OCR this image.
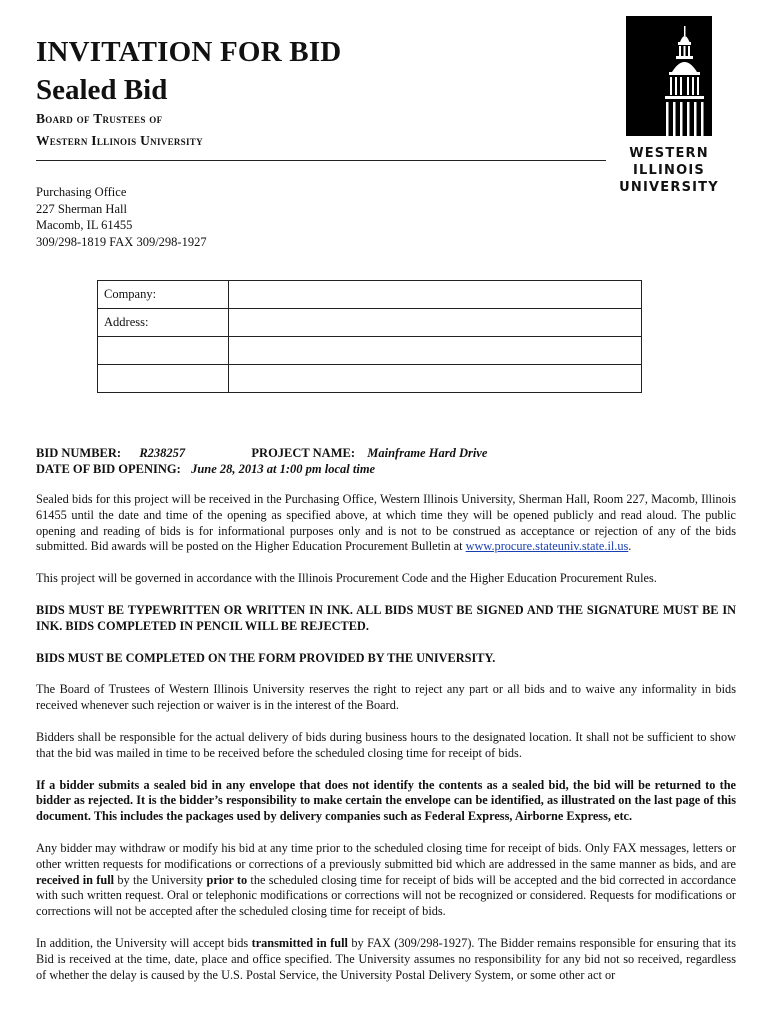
INVITATION FOR BID
Sealed Bid
Board of Trustees of
Western Illinois University
Purchasing Office
227 Sherman Hall
Macomb, IL 61455
309/298-1819 FAX 309/298-1927
WESTERN
ILLINOIS
UNIVERSITY
Company:	
Address:	

BID NUMBER: R238257	PROJECT NAME: Mainframe Hard Drive
DATE OF BID OPENING: June 28, 2013 at 1:00 pm local time

Sealed bids for this project will be received in the Purchasing Office, Western Illinois University, Sherman Hall, Room 227, Macomb, Illinois 61455 until the date and time of the opening as specified above, at which time they will be opened publicly and read aloud. The public opening and reading of bids is for informational purposes only and is not to be construed as acceptance or rejection of any of the bids submitted. Bid awards will be posted on the Higher Education Procurement Bulletin at www.procure.stateuniv.state.il.us.

This project will be governed in accordance with the Illinois Procurement Code and the Higher Education Procurement Rules.

BIDS MUST BE TYPEWRITTEN OR WRITTEN IN INK. ALL BIDS MUST BE SIGNED AND THE SIGNATURE MUST BE IN INK. BIDS COMPLETED IN PENCIL WILL BE REJECTED.

BIDS MUST BE COMPLETED ON THE FORM PROVIDED BY THE UNIVERSITY.

The Board of Trustees of Western Illinois University reserves the right to reject any part or all bids and to waive any informality in bids received whenever such rejection or waiver is in the interest of the Board.

Bidders shall be responsible for the actual delivery of bids during business hours to the designated location. It shall not be sufficient to show that the bid was mailed in time to be received before the scheduled closing time for receipt of bids.

If a bidder submits a sealed bid in any envelope that does not identify the contents as a sealed bid, the bid will be returned to the bidder as rejected. It is the bidder’s responsibility to make certain the envelope can be identified, as illustrated on the last page of this document. This includes the packages used by delivery companies such as Federal Express, Airborne Express, etc.

Any bidder may withdraw or modify his bid at any time prior to the scheduled closing time for receipt of bids. Only FAX messages, letters or other written requests for modifications or corrections of a previously submitted bid which are addressed in the same manner as bids, and are received in full by the University prior to the scheduled closing time for receipt of bids will be accepted and the bid corrected in accordance with such written request. Oral or telephonic modifications or corrections will not be recognized or considered. Requests for modifications or corrections will not be accepted after the scheduled closing time for receipt of bids.

In addition, the University will accept bids transmitted in full by FAX (309/298-1927). The Bidder remains responsible for ensuring that its Bid is received at the time, date, place and office specified. The University assumes no responsibility for any bid not so received, regardless of whether the delay is caused by the U.S. Postal Service, the University Postal Delivery System, or some other act or
